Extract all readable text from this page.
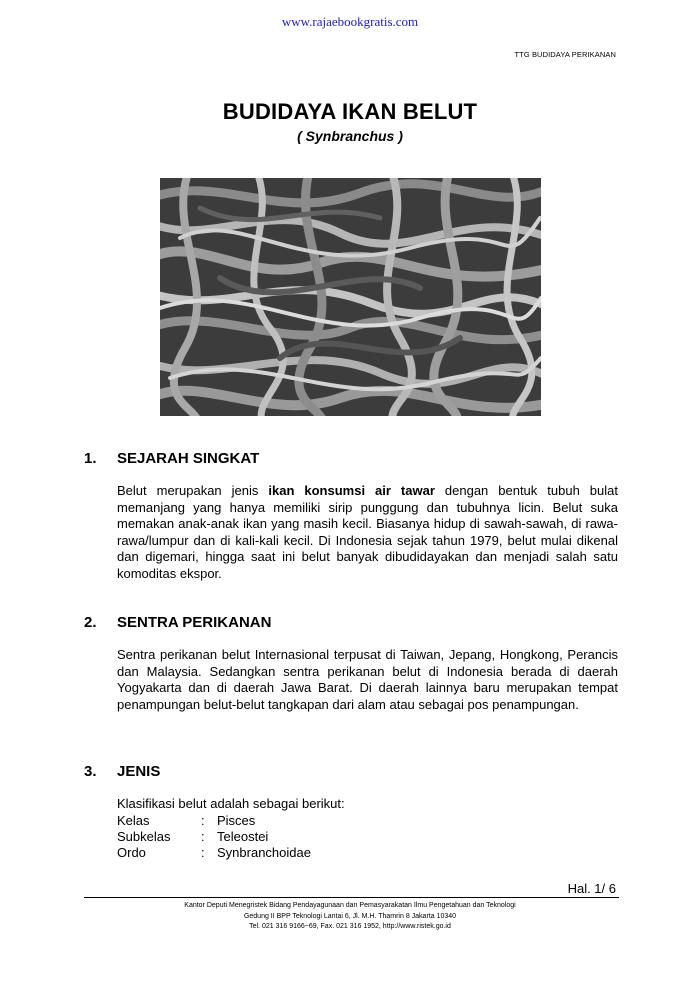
www.rajaebookgratis.com
TTG BUDIDAYA PERIKANAN
BUDIDAYA IKAN BELUT
( Synbranchus )
1. SEJARAH SINGKAT
Belut merupakan jenis ikan konsumsi air tawar dengan bentuk tubuh bulat memanjang yang hanya memiliki sirip punggung dan tubuhnya licin. Belut suka memakan anak-anak ikan yang masih kecil. Biasanya hidup di sawah-sawah, di rawa-rawa/lumpur dan di kali-kali kecil. Di Indonesia sejak tahun 1979, belut mulai dikenal dan digemari, hingga saat ini belut banyak dibudidayakan dan menjadi salah satu komoditas ekspor.
2. SENTRA PERIKANAN
Sentra perikanan belut Internasional terpusat di Taiwan, Jepang, Hongkong, Perancis dan Malaysia. Sedangkan sentra perikanan belut di Indonesia berada di daerah Yogyakarta dan di daerah Jawa Barat. Di daerah lainnya baru merupakan tempat penampungan belut-belut tangkapan dari alam atau sebagai pos penampungan.
3. JENIS
Klasifikasi belut adalah sebagai berikut:
Kelas	: Pisces
Subkelas : Teleostei
Ordo	: Synbranchoidae
Hal. 1/ 6
Kantor Deputi Menegristek Bidang Pendayagunaan dan Pemasyarakatan Ilmu Pengetahuan dan Teknologi
Gedung II BPP Teknologi Lantai 6, Jl. M.H. Thamrin 8 Jakarta 10340
Tel. 021 316 9166~69, Fax. 021 316 1952, http://www.ristek.go.id
